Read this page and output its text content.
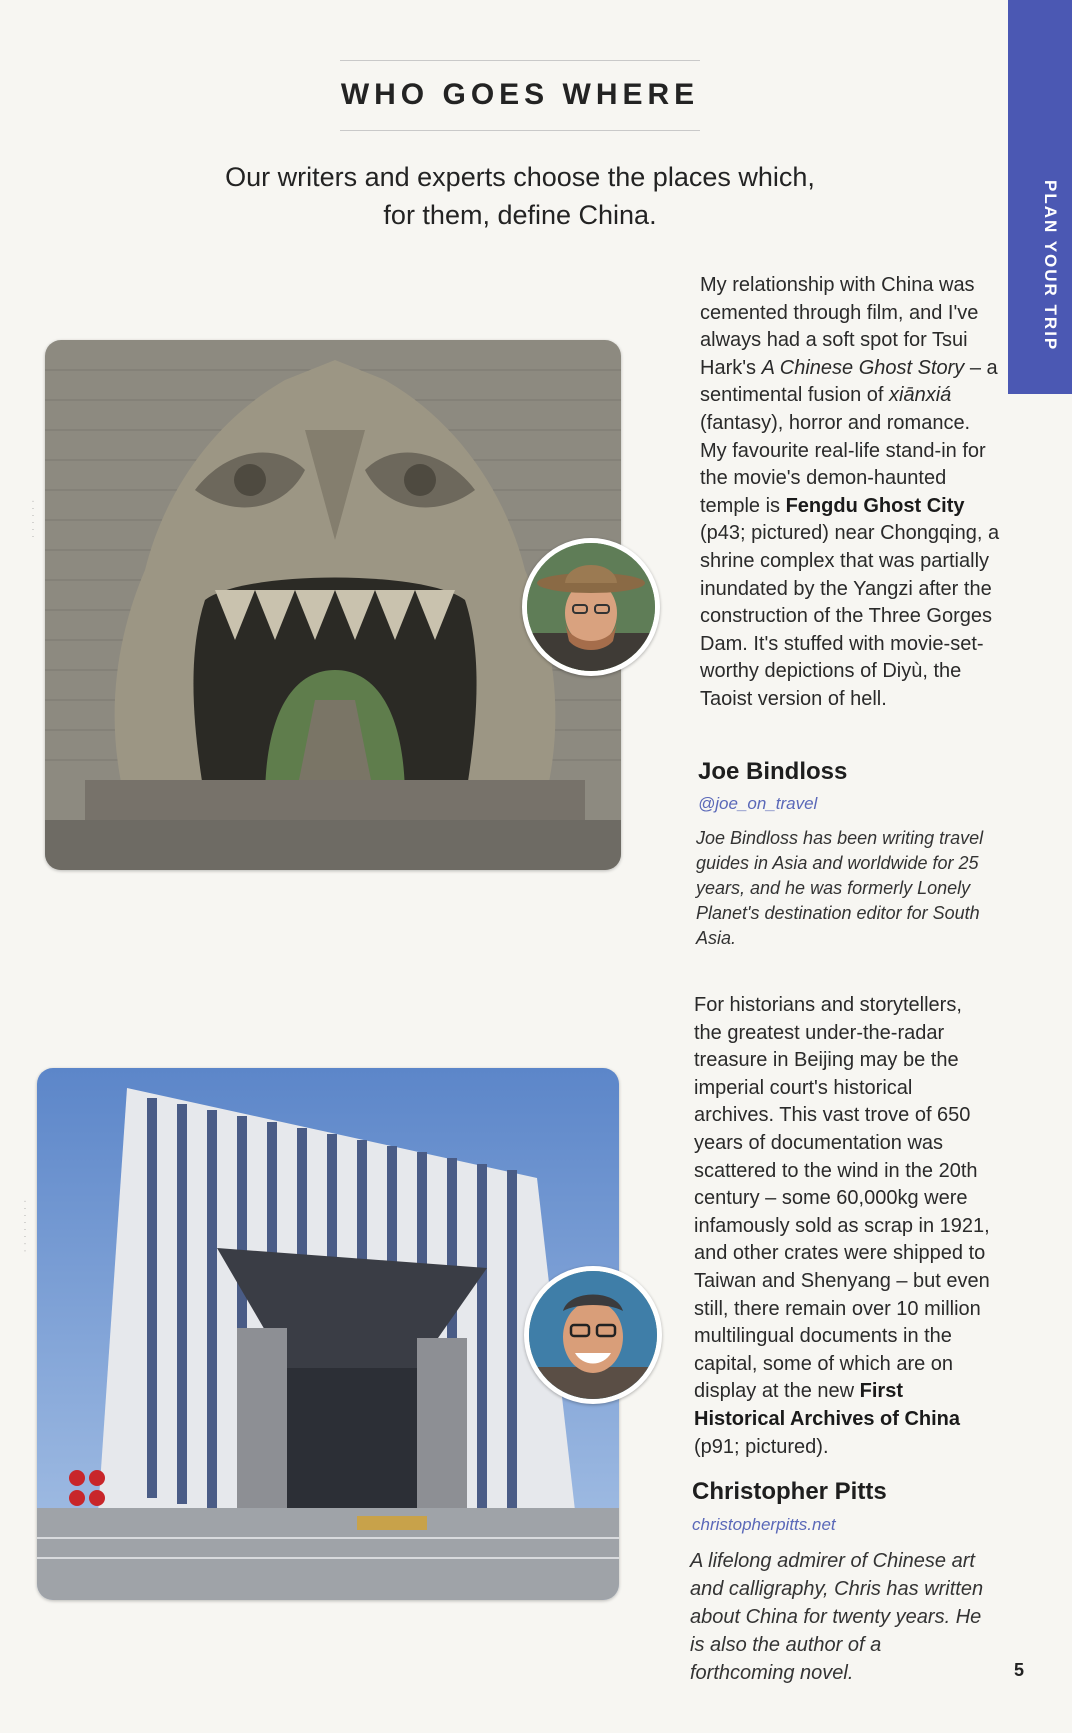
PLAN YOUR TRIP
WHO GOES WHERE
Our writers and experts choose the places which,
for them, define China.
· · · · · ·

My relationship with China was cemented through film, and I've always had a soft spot for Tsui Hark's A Chinese Ghost Story – a sentimental fusion of xiānxiá (fantasy), horror and romance. My favourite real-life stand-in for the movie's demon-haunted temple is Fengdu Ghost City (p43; pictured) near Chongqing, a shrine complex that was partially inundated by the Yangzi after the construction of the Three Gorges Dam. It's stuffed with movie-set-worthy depictions of Diyù, the Taoist version of hell.

Joe Bindloss
@joe_on_travel
Joe Bindloss has been writing travel guides in Asia and worldwide for 25 years, and he was formerly Lonely Planet's destination editor for South Asia.
· · · · · · · ·

For historians and storytellers, the greatest under-the-radar treasure in Beijing may be the imperial court's historical archives. This vast trove of 650 years of documentation was scattered to the wind in the 20th century – some 60,000kg were infamously sold as scrap in 1921, and other crates were shipped to Taiwan and Shenyang – but even still, there remain over 10 million multilingual documents in the capital, some of which are on display at the new First Historical Archives of China (p91; pictured).

Christopher Pitts
christopherpitts.net
A lifelong admirer of Chinese art and calligraphy, Chris has written about China for twenty years. He is also the author of a forthcoming novel.	5
